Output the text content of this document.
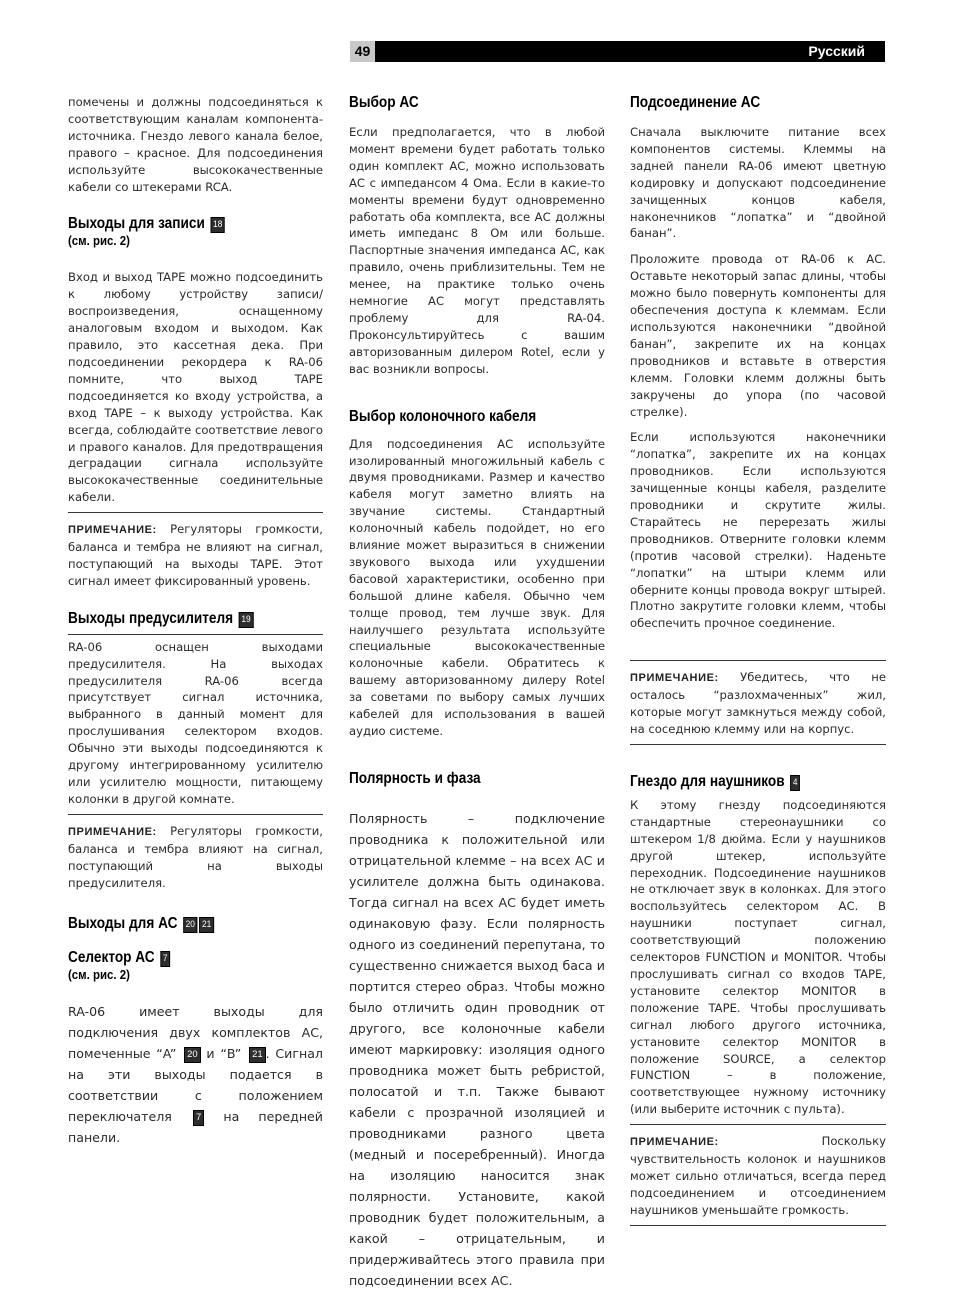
49	Русский

помечены и должны подсоединяться к соответствующим каналам компонента-источника. Гнездо левого канала белое, правого – красное. Для подсоединения используйте высококачественные кабели со штекерами RCA.

Выходы для записи 18
(см. рис. 2)

Вход и выход TAPE можно подсоединить к любому устройству записи/воспроизведения, оснащенному аналоговым входом и выходом. Как правило, это кассетная дека. При подсоединении рекордера к RA-06 помните, что выход TAPE подсоединяется ко входу устройства, а вход TAPE – к выходу устройства. Как всегда, соблюдайте соответствие левого и правого каналов. Для предотвращения деградации сигнала используйте высококачественные соединительные кабели.

ПРИМЕЧАНИЕ: Регуляторы громкости, баланса и тембра не влияют на сигнал, поступающий на выходы TAPE. Этот сигнал имеет фиксированный уровень.

Выходы предусилителя 19

RA-06 оснащен выходами предусилителя. На выходах предусилителя RA-06 всегда присутствует сигнал источника, выбранного в данный момент для прослушивания селектором входов. Обычно эти выходы подсоединяются к другому интегрированному усилителю или усилителю мощности, питающему колонки в другой комнате.

ПРИМЕЧАНИЕ: Регуляторы громкости, баланса и тембра влияют на сигнал, поступающий на выходы предусилителя.

Выходы для АС 20 21
Селектор АС 7
(см. рис. 2)

RA-06 имеет выходы для подключения двух комплектов АС, помеченные “A” 20 и “B” 21 . Сигнал на эти выходы подается в соответствии с положением переключателя	7 на передней панели.

Выбор АС

Если предполагается, что в любой момент времени будет работать только один комплект АС, можно использовать АС с импедансом 4 Ома. Если в какие-то моменты времени будут одновременно работать оба комплекта, все АС должны иметь импеданс 8 Ом или больше. Паспортные значения импеданса АС, как правило, очень приблизительны. Тем не менее, на практике только очень немногие АС могут представлять проблему для RA-04. Проконсультируйтесь с вашим авторизованным дилером Rotel, если у вас возникли вопросы.

Выбор колоночного кабеля

Для подсоединения АС используйте изолированный многожильный кабель с двумя проводниками. Размер и качество кабеля могут заметно влиять на звучание системы. Стандартный колоночный кабель подойдет, но его влияние может выразиться в снижении звукового выхода или ухудшении басовой характеристики, особенно при большой длине кабеля. Обычно чем толще провод, тем лучше звук. Для наилучшего результата используйте специальные высококачественные колоночные кабели. Обратитесь к вашему авторизованному дилеру Rotel за советами по выбору самых лучших кабелей для использования в вашей аудио системе.

Полярность и фаза

Полярность – подключение проводника к положительной или отрицательной клемме – на всех АС и усилителе должна быть одинакова. Тогда сигнал на всех АС будет иметь одинаковую фазу. Если полярность одного из соединений перепутана, то существенно снижается выход баса и портится стерео образ. Чтобы можно было отличить один проводник от другого, все колоночные кабели имеют маркировку: изоляция одного проводника может быть ребристой, полосатой и т.п. Также бывают кабели с прозрачной изоляцией и проводниками разного цвета (медный и посеребренный). Иногда на изоляцию наносится знак полярности. Установите, какой проводник будет положительным, а какой – отрицательным, и придерживайтесь этого правила при подсоединении всех АС.

Подсоединение АС

Сначала выключите питание всех компонентов системы. Клеммы на задней панели RA-06 имеют цветную кодировку и допускают подсоединение зачищенных концов кабеля, наконечников “лопатка” и “двойной банан”.

Проложите провода от RA-06 к АС. Оставьте некоторый запас длины, чтобы можно было повернуть компоненты для обеспечения доступа к клеммам. Если используются наконечники “двойной банан”, закрепите их на концах проводников и вставьте в отверстия клемм. Головки клемм должны быть закручены до упора (по часовой стрелке).

Если используются наконечники “лопатка”, закрепите их на концах проводников. Если используются зачищенные концы кабеля, разделите проводники и скрутите жилы. Старайтесь не перерезать жилы проводников. Отверните головки клемм (против часовой стрелки). Наденьте “лопатки” на штыри клемм или оберните концы провода вокруг штырей. Плотно закрутите головки клемм, чтобы обеспечить прочное соединение.

ПРИМЕЧАНИЕ: Убедитесь, что не осталось “разлохмаченных” жил, которые могут замкнуться между собой, на соседнюю клемму или на корпус.

Гнездо для наушников 4

К этому гнезду подсоединяются стандартные стереонаушники со штекером 1/8 дюйма. Если у наушников другой штекер, используйте переходник. Подсоединение наушников не отключает звук в колонках. Для этого воспользуйтесь селектором АС. В наушники поступает сигнал, соответствующий положению селекторов FUNCTION и MONITOR. Чтобы прослушивать сигнал со входов TAPE, установите селектор MONITOR в положение TAPE. Чтобы прослушивать сигнал любого другого источника, установите селектор MONITOR в положение SOURCE, а селектор FUNCTION – в положение, соответствующее нужному источнику (или выберите источник с пульта).

ПРИМЕЧАНИЕ:	Поскольку чувствительность колонок и наушников может сильно отличаться, всегда перед подсоединением и отсоединением наушников уменьшайте громкость.
